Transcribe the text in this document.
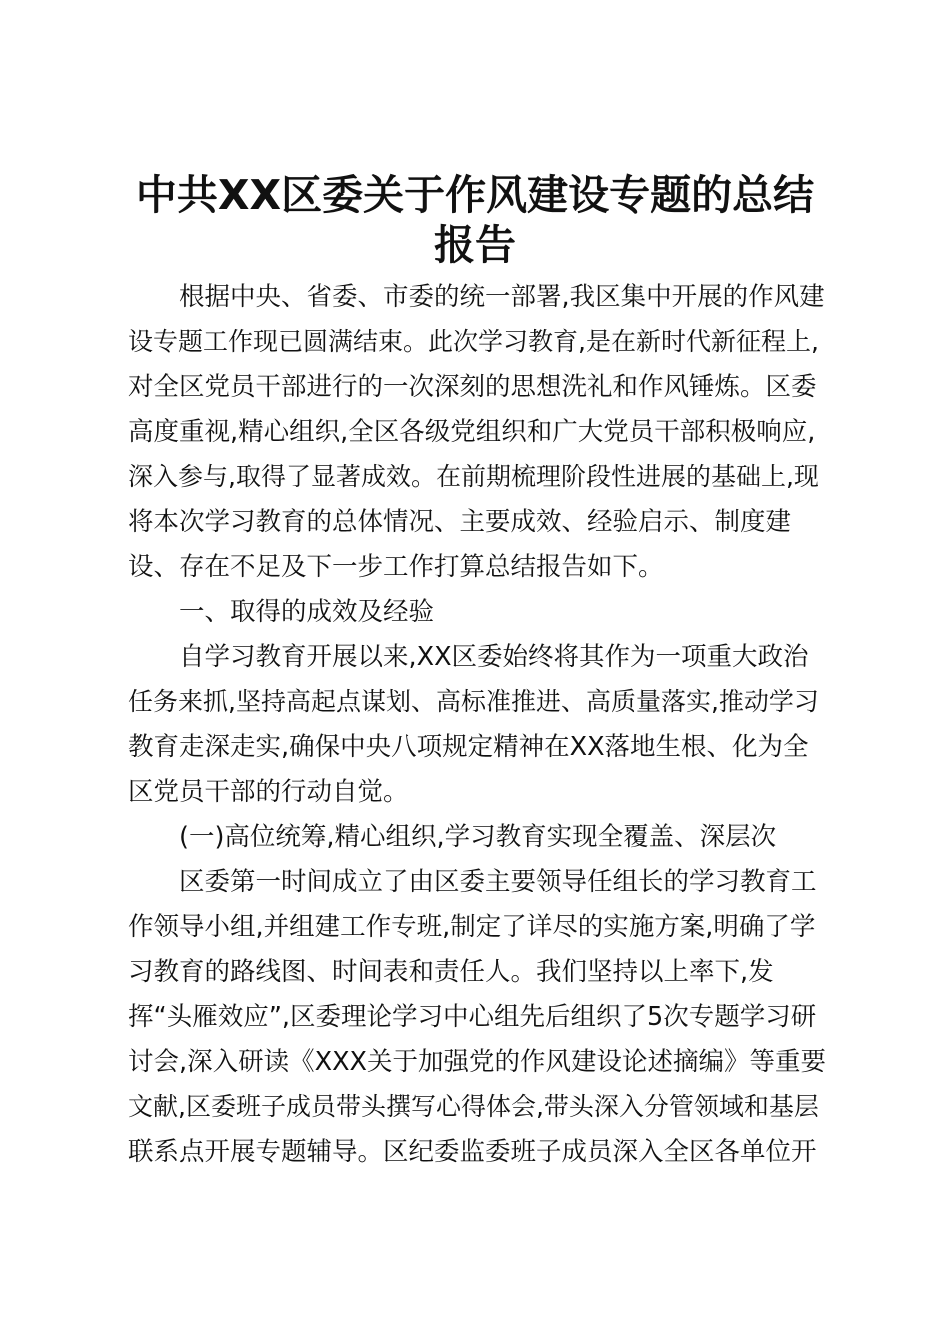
中共XX区委关于作风建设专题的总结
报告

根据中央、省委、市委的统一部署,我区集中开展的作风建

设专题工作现已圆满结束。此次学习教育,是在新时代新征程上,

对全区党员干部进行的一次深刻的思想洗礼和作风锤炼。区委

高度重视,精心组织,全区各级党组织和广大党员干部积极响应,

深入参与,取得了显著成效。在前期梳理阶段性进展的基础上,现

将本次学习教育的总体情况、主要成效、经验启示、制度建

设、存在不足及下一步工作打算总结报告如下。

一、取得的成效及经验

自学习教育开展以来,XX区委始终将其作为一项重大政治

任务来抓,坚持高起点谋划、高标准推进、高质量落实,推动学习

教育走深走实,确保中央八项规定精神在XX落地生根、化为全

区党员干部的行动自觉。

(一)高位统筹,精心组织,学习教育实现全覆盖、深层次

区委第一时间成立了由区委主要领导任组长的学习教育工

作领导小组,并组建工作专班,制定了详尽的实施方案,明确了学

习教育的路线图、时间表和责任人。我们坚持以上率下,发

挥“头雁效应”,区委理论学习中心组先后组织了5次专题学习研

讨会,深入研读《XXX关于加强党的作风建设论述摘编》等重要

文献,区委班子成员带头撰写心得体会,带头深入分管领域和基层

联系点开展专题辅导。区纪委监委班子成员深入全区各单位开
